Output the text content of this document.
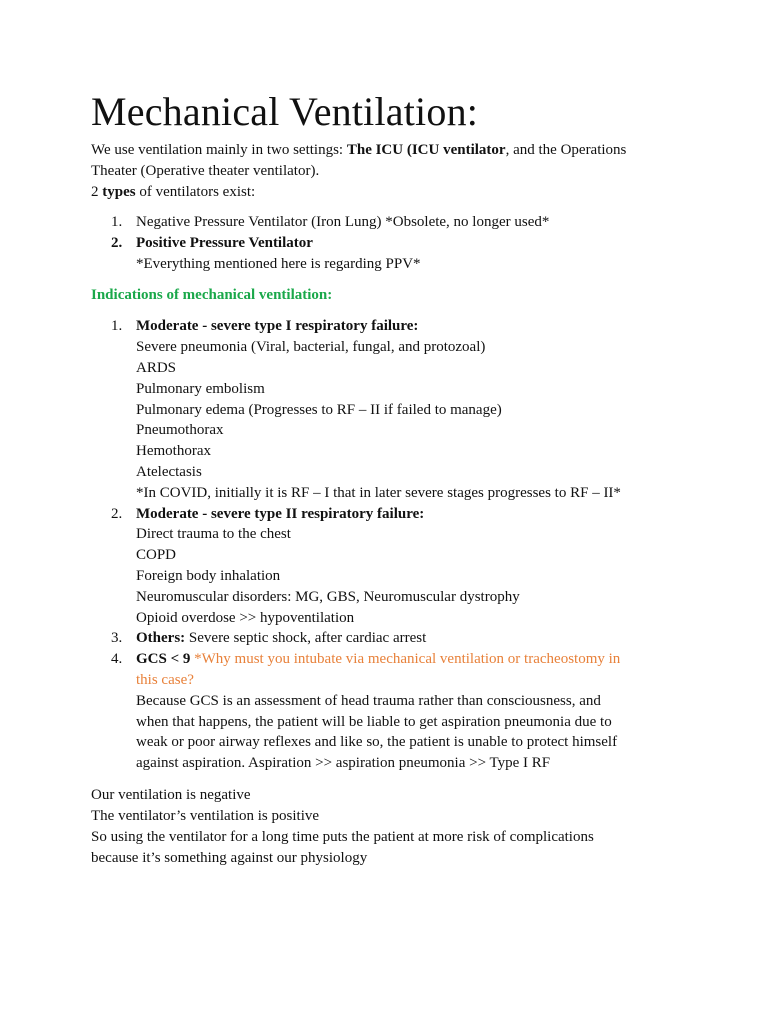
Mechanical Ventilation:

We use ventilation mainly in two settings: The ICU (ICU ventilator, and the Operations

Theater (Operative theater ventilator).

2 types of ventilators exist:

1. Negative Pressure Ventilator (Iron Lung) *Obsolete, no longer used*
2. Positive Pressure Ventilator
*Everything mentioned here is regarding PPV*

Indications of mechanical ventilation:

1. Moderate - severe type I respiratory failure:
Severe pneumonia (Viral, bacterial, fungal, and protozoal)
ARDS
Pulmonary embolism
Pulmonary edema (Progresses to RF – II if failed to manage)
Pneumothorax
Hemothorax
Atelectasis
*In COVID, initially it is RF – I that in later severe stages progresses to RF – II*
2. Moderate - severe type II respiratory failure:
Direct trauma to the chest
COPD
Foreign body inhalation
Neuromuscular disorders: MG, GBS, Neuromuscular dystrophy
Opioid overdose >> hypoventilation
3. Others: Severe septic shock, after cardiac arrest
4. GCS < 9 *Why must you intubate via mechanical ventilation or tracheostomy in
this case?
Because GCS is an assessment of head trauma rather than consciousness, and
when that happens, the patient will be liable to get aspiration pneumonia due to
weak or poor airway reflexes and like so, the patient is unable to protect himself
against aspiration. Aspiration >> aspiration pneumonia >> Type I RF

Our ventilation is negative

The ventilator’s ventilation is positive

So using the ventilator for a long time puts the patient at more risk of complications

because it’s something against our physiology
